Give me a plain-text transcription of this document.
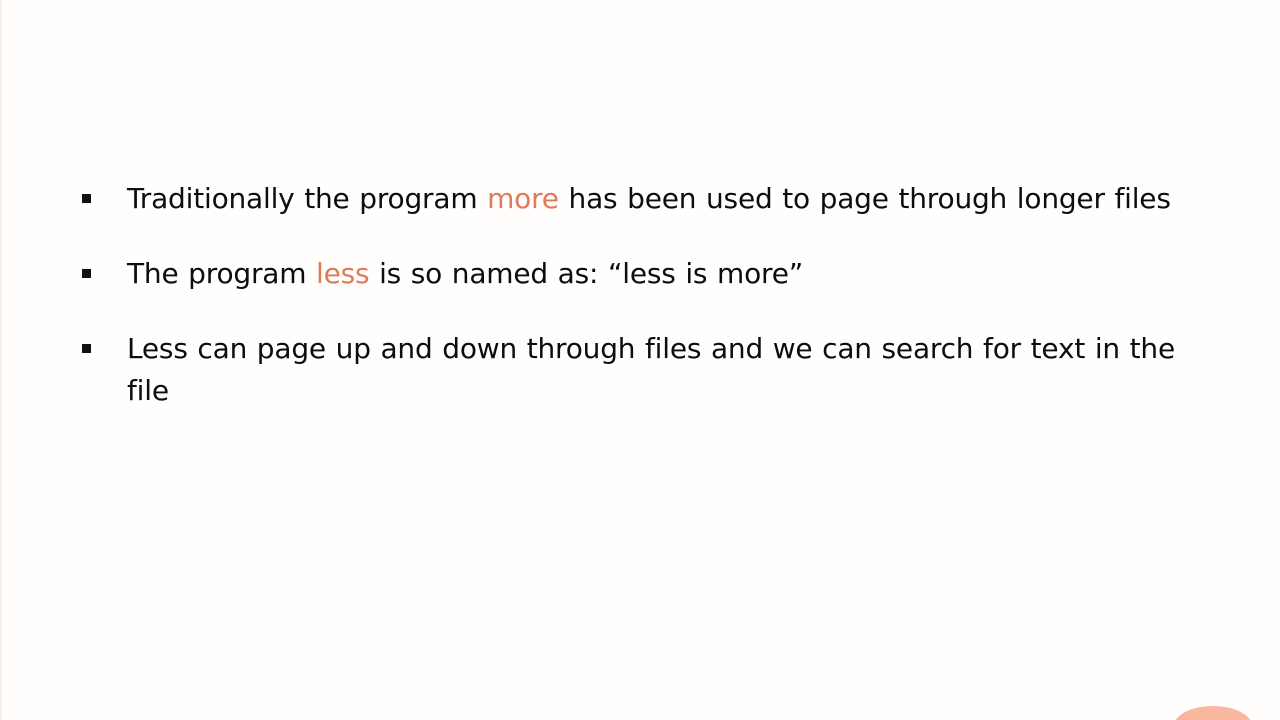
Traditionally the program more has been used to page through longer files
The program less is so named as: “less is more”
Less can page up and down through files and we can search for text in the file
